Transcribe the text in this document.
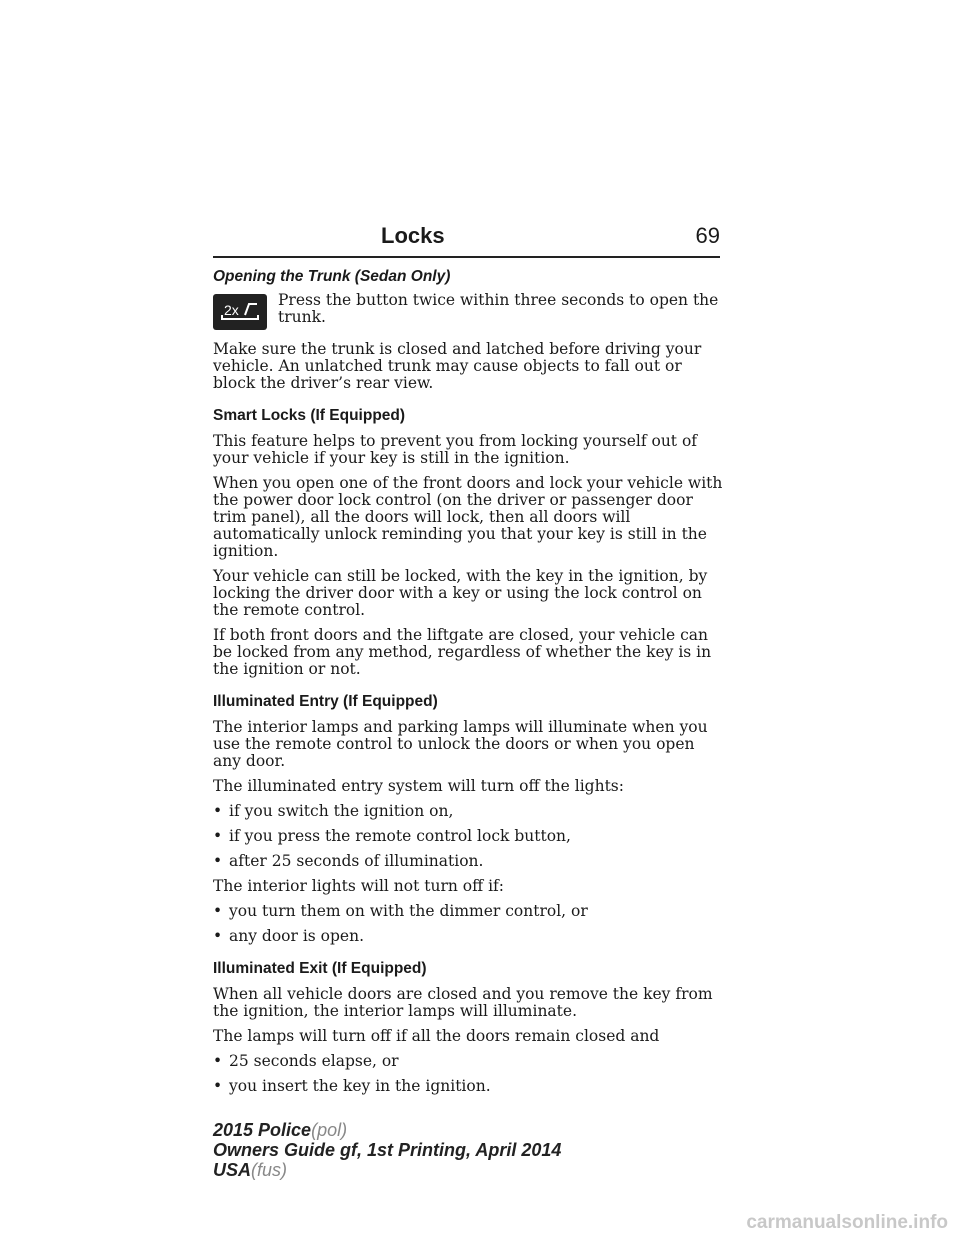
Locks	69
Opening the Trunk (Sedan Only)
2x

Press the button twice within three seconds to open the trunk.

Make sure the trunk is closed and latched before driving your vehicle. An unlatched trunk may cause objects to fall out or block the driver’s rear view.

Smart Locks (If Equipped)

This feature helps to prevent you from locking yourself out of your vehicle if your key is still in the ignition.

When you open one of the front doors and lock your vehicle with the power door lock control (on the driver or passenger door trim panel), all the doors will lock, then all doors will automatically unlock reminding you that your key is still in the ignition.

Your vehicle can still be locked, with the key in the ignition, by locking the driver door with a key or using the lock control on the remote control.

If both front doors and the liftgate are closed, your vehicle can be locked from any method, regardless of whether the key is in the ignition or not.

Illuminated Entry (If Equipped)

The interior lamps and parking lamps will illuminate when you use the remote control to unlock the doors or when you open any door.

The illuminated entry system will turn off the lights:

• if you switch the ignition on,

• if you press the remote control lock button,

• after 25 seconds of illumination.

The interior lights will not turn off if:

• you turn them on with the dimmer control, or

• any door is open.

Illuminated Exit (If Equipped)

When all vehicle doors are closed and you remove the key from the ignition, the interior lamps will illuminate.

The lamps will turn off if all the doors remain closed and

• 25 seconds elapse, or

• you insert the key in the ignition.

2015 Police(pol)
Owners Guide gf, 1st Printing, April 2014
USA(fus)
carmanualsonline.info
